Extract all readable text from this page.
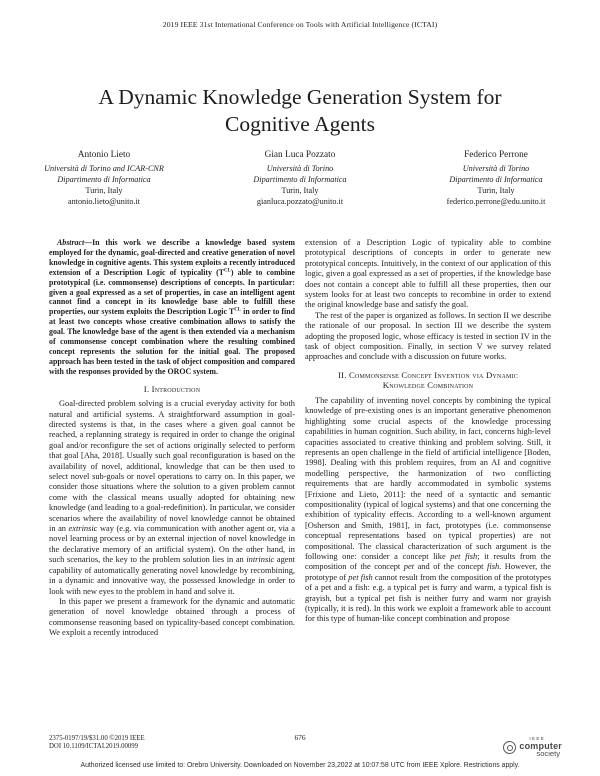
2019 IEEE 31st International Conference on Tools with Artificial Intelligence (ICTAI)
A Dynamic Knowledge Generation System for
Cognitive Agents
Antonio Lieto
Università di Torino and ICAR-CNR
Dipartimento di Informatica
Turin, Italy
antonio.lieto@unito.it
Gian Luca Pozzato
Università di Torino
Dipartimento di Informatica
Turin, Italy
gianluca.pozzato@unito.it
Federico Perrone
Università di Torino
Dipartimento di Informatica
Turin, Italy
federico.perrone@edu.unito.it

Abstract—In this work we describe a knowledge based system employed for the dynamic, goal-directed and creative generation of novel knowledge in cognitive agents. This system exploits a recently introduced extension of a Description Logic of typicality $(T^{CL})$ able to combine prototypical (i.e. commonsense) descriptions of concepts. In particular: given a goal expressed as a set of properties, in case an intelligent agent cannot find a concept in its knowledge base able to fulfill these properties, our system exploits the Description Logic $T^{CL}$ in order to find at least two concepts whose creative combination allows to satisfy the goal. The knowledge base of the agent is then extended via a mechanism of commonsense concept combination where the resulting combined concept represents the solution for the initial goal. The proposed approach has been tested in the task of object composition and compared with the responses provided by the OROC system.

I. Introduction

Goal-directed problem solving is a crucial everyday activity for both natural and artificial systems. A straightforward assumption in goal-directed systems is that, in the cases where a given goal cannot be reached, a replanning strategy is required in order to change the original goal and/or reconfigure the set of actions originally selected to perform that goal [Aha, 2018]. Usually such goal reconfiguration is based on the availability of novel, additional, knowledge that can be then used to select novel sub-goals or novel operations to carry on. In this paper, we consider those situations where the solution to a given problem cannot come with the classical means usually adopted for obtaining new knowledge (and leading to a goal-redefinition). In particular, we consider scenarios where the availability of novel knowledge cannot be obtained in an extrinsic way (e.g. via communication with another agent or, via a novel learning process or by an external injection of novel knowledge in the declarative memory of an artificial system). On the other hand, in such scenarios, the key to the problem solution lies in an intrinsic agent capability of automatically generating novel knowledge by recombining, in a dynamic and innovative way, the possessed knowledge in order to look with new eyes to the problem in hand and solve it.

In this paper we present a framework for the dynamic and automatic generation of novel knowledge obtained through a process of commonsense reasoning based on typicality-based concept combination. We exploit a recently introduced

extension of a Description Logic of typicality able to combine prototypical descriptions of concepts in order to generate new prototypical concepts. Intuitively, in the context of our application of this logic, given a goal expressed as a set of properties, if the knowledge base does not contain a concept able to fulfill all these properties, then our system looks for at least two concepts to recombine in order to extend the original knowledge base and satisfy the goal.

The rest of the paper is organized as follows. In section II we describe the rationale of our proposal. In section III we describe the system adopting the proposed logic, whose efficacy is tested in section IV in the task of object composition. Finally, in section V we survey related approaches and conclude with a discussion on future works.

II. Commonsense Concept Invention via Dynamic Knowledge Combination

The capability of inventing novel concepts by combining the typical knowledge of pre-existing ones is an important generative phenomenon highlighting some crucial aspects of the knowledge processing capabilities in human cognition. Such ability, in fact, concerns high-level capacities associated to creative thinking and problem solving. Still, it represents an open challenge in the field of artificial intelligence [Boden, 1998]. Dealing with this problem requires, from an AI and cognitive modelling perspective, the harmonization of two conflicting requirements that are hardly accommodated in symbolic systems [Frixione and Lieto, 2011]: the need of a syntactic and semantic compositionality (typical of logical systems) and that one concerning the exhibition of typicality effects. According to a well-known argument [Osherson and Smith, 1981], in fact, prototypes (i.e. commonsense conceptual representations based on typical properties) are not compositional. The classical characterization of such argument is the following one: consider a concept like pet fish; it results from the composition of the concept pet and of the concept fish. However, the prototype of pet fish cannot result from the composition of the prototypes of a pet and a fish: e.g. a typical pet is furry and warm, a typical fish is grayish, but a typical pet fish is neither furry and warm nor grayish (typically, it is red). In this work we exploit a framework able to account for this type of human-like concept combination and propose

2375-0197/19/$31.00 ©2019 IEEE
DOI 10.1109/ICTAI.2019.00099
676	IEEE
computer
society
Authorized licensed use limited to: Orebro University. Downloaded on November 23,2022 at 10:07:58 UTC from IEEE Xplore. Restrictions apply.
